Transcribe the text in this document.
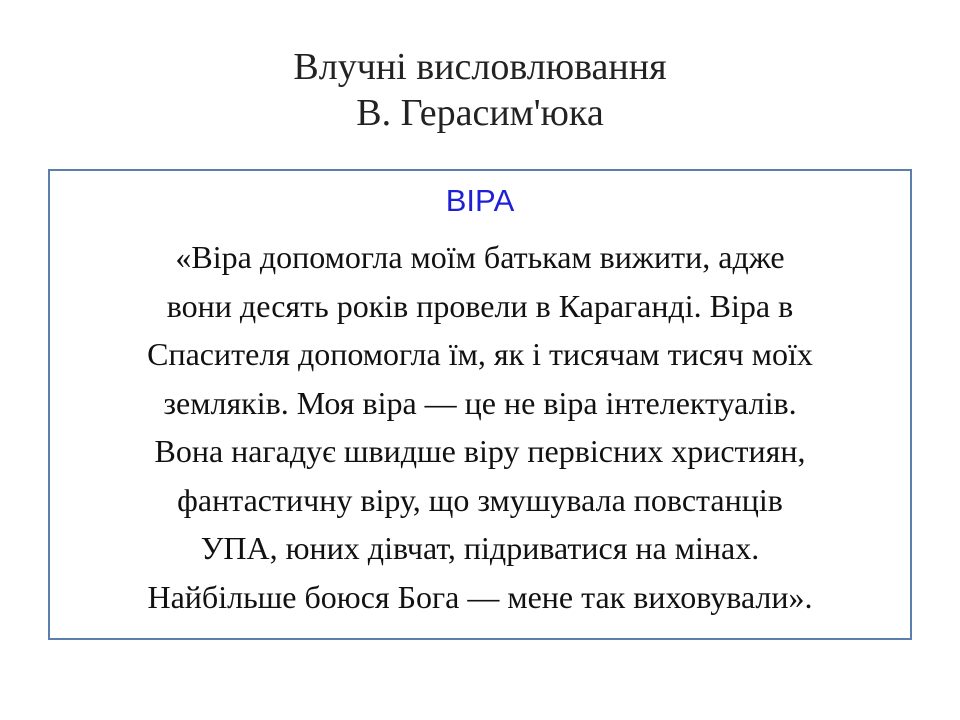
Влучні висловлювання
В. Герасим'юка
ВІРА
«Віра допомогла моїм батькам вижити, адже
вони десять років провели в Караганді. Віра в
Спасителя допомогла їм, як і тисячам тисяч моїх
земляків. Моя віра — це не віра інтелектуалів.
Вона нагадує швидше віру первісних християн,
фантастичну віру, що змушувала повстанців
УПА, юних дівчат, підриватися на мінах.
Найбільше боюся Бога — мене так виховували».
